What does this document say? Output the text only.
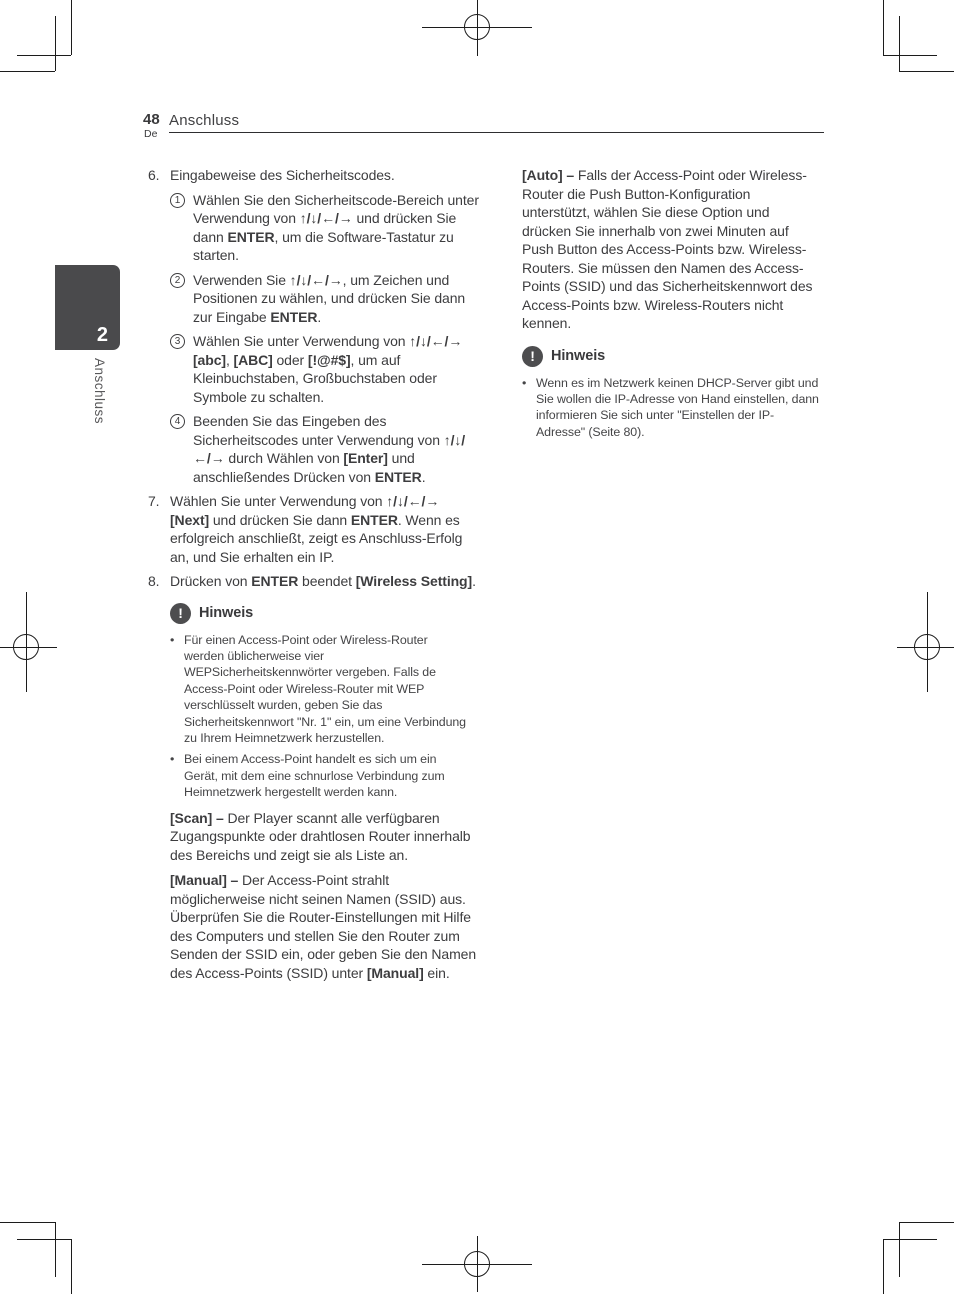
48
De
Anschluss
2
Anschluss
6. Eingabeweise des Sicherheitscodes.
1 Wählen Sie den Sicherheitscode-Bereich unter Verwendung von ↑/↓/←/→ und drücken Sie dann ENTER, um die Software-Tastatur zu starten.
2 Verwenden Sie ↑/↓/←/→, um Zeichen und Positionen zu wählen, und drücken Sie dann zur Eingabe ENTER.
3 Wählen Sie unter Verwendung von ↑/↓/←/→ [abc], [ABC] oder [!@#$], um auf Kleinbuchstaben, Großbuchstaben oder Symbole zu schalten.
4 Beenden Sie das Eingeben des Sicherheitscodes unter Verwendung von ↑/↓/←/→ durch Wählen von [Enter] und anschließendes Drücken von ENTER.
7. Wählen Sie unter Verwendung von ↑/↓/←/→ [Next] und drücken Sie dann ENTER. Wenn es erfolgreich anschließt, zeigt es Anschluss-Erfolg an, und Sie erhalten ein IP.
8. Drücken von ENTER beendet [Wireless Setting].
! Hinweis
• Für einen Access-Point oder Wireless-Router werden üblicherweise vier WEPSicherheitskennwörter vergeben. Falls de Access-Point oder Wireless-Router mit WEP verschlüsselt wurden, geben Sie das Sicherheitskennwort "Nr. 1" ein, um eine Verbindung zu Ihrem Heimnetzwerk herzustellen.
• Bei einem Access-Point handelt es sich um ein Gerät, mit dem eine schnurlose Verbindung zum Heimnetzwerk hergestellt werden kann.
[Scan] – Der Player scannt alle verfügbaren Zugangspunkte oder drahtlosen Router innerhalb des Bereichs und zeigt sie als Liste an.
[Manual] – Der Access-Point strahlt möglicherweise nicht seinen Namen (SSID) aus. Überprüfen Sie die Router-Einstellungen mit Hilfe des Computers und stellen Sie den Router zum Senden der SSID ein, oder geben Sie den Namen des Access-Points (SSID) unter [Manual] ein.
[Auto] – Falls der Access-Point oder Wireless-Router die Push Button-Konfiguration unterstützt, wählen Sie diese Option und drücken Sie innerhalb von zwei Minuten auf Push Button des Access-Points bzw. Wireless-Routers. Sie müssen den Namen des Access-Points (SSID) und das Sicherheitskennwort des Access-Points bzw. Wireless-Routers nicht kennen.
! Hinweis
• Wenn es im Netzwerk keinen DHCP-Server gibt und Sie wollen die IP-Adresse von Hand einstellen, dann informieren Sie sich unter "Einstellen der IP-Adresse" (Seite 80).
